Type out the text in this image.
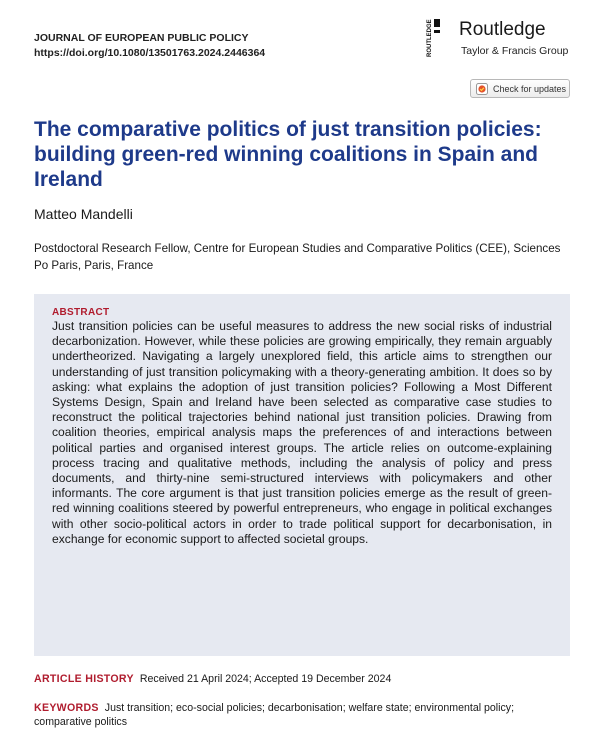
JOURNAL OF EUROPEAN PUBLIC POLICY
https://doi.org/10.1080/13501763.2024.2446364	ROUTLEDGE Routledge
Taylor & Francis Group
Check for updates
The comparative politics of just transition policies: building green-red winning coalitions in Spain and Ireland
Matteo Mandelli
Postdoctoral Research Fellow, Centre for European Studies and Comparative Politics (CEE), Sciences Po Paris, Paris, France
ABSTRACT
Just transition policies can be useful measures to address the new social risks of industrial decarbonization. However, while these policies are growing empirically, they remain arguably undertheorized. Navigating a largely unexplored field, this article aims to strengthen our understanding of just transition policymaking with a theory-generating ambition. It does so by asking: what explains the adoption of just transition policies? Following a Most Different Systems Design, Spain and Ireland have been selected as comparative case studies to reconstruct the political trajectories behind national just transition policies. Drawing from coalition theories, empirical analysis maps the preferences of and interactions between political parties and organised interest groups. The article relies on outcome-explaining process tracing and qualitative methods, including the analysis of policy and press documents, and thirty-nine semi-structured interviews with policymakers and other informants. The core argument is that just transition policies emerge as the result of green-red winning coalitions steered by powerful entrepreneurs, who engage in political exchanges with other socio-political actors in order to trade political support for decarbonisation, in exchange for economic support to affected societal groups.
ARTICLE HISTORY Received 21 April 2024; Accepted 19 December 2024
KEYWORDS Just transition; eco-social policies; decarbonisation; welfare state; environmental policy; comparative politics
